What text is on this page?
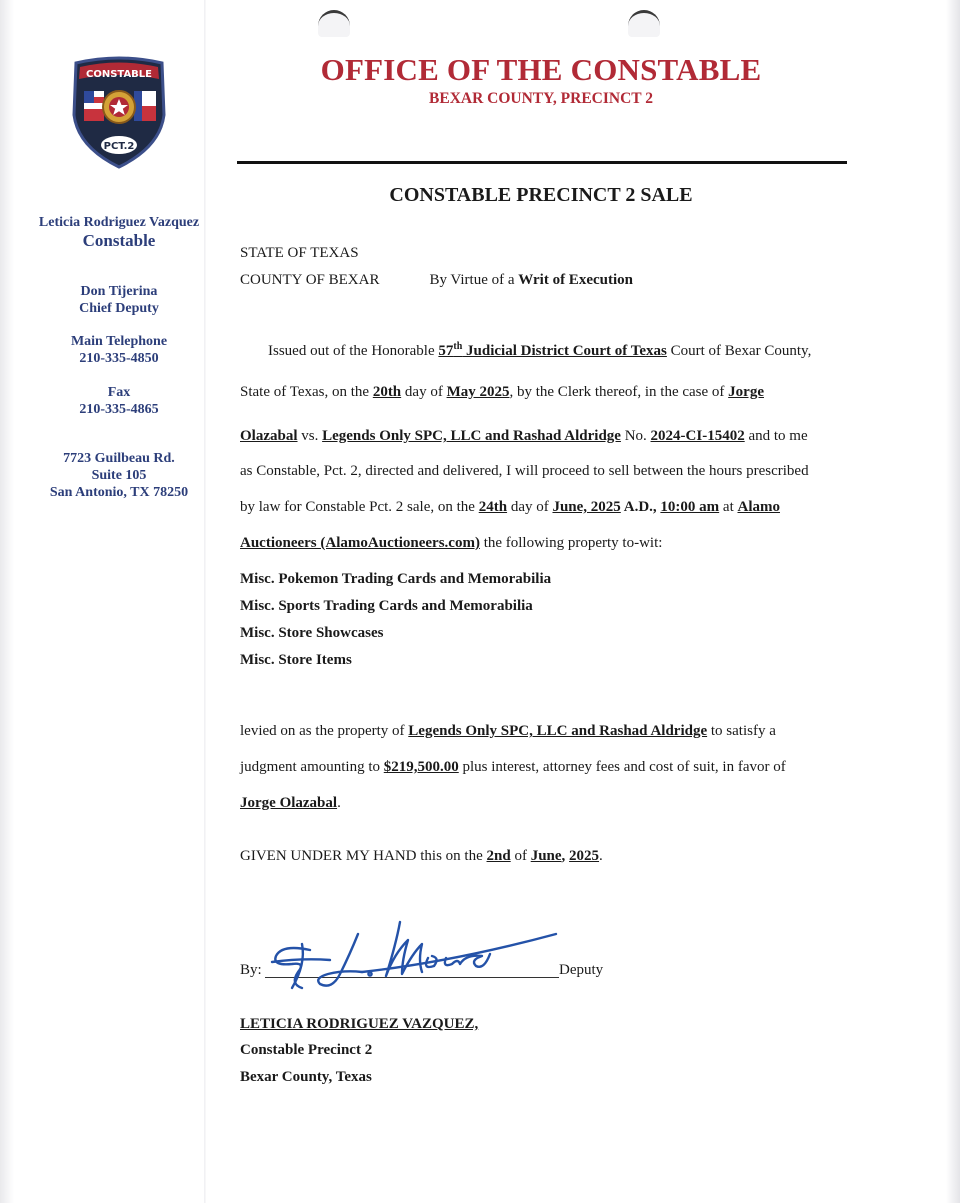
CONSTABLE
PCT.2
Leticia Rodriguez Vazquez
Constable
Don Tijerina
Chief Deputy
Main Telephone
210-335-4850
Fax
210-335-4865
7723 Guilbeau Rd.
Suite 105
San Antonio, TX 78250
OFFICE OF THE CONSTABLE
BEXAR COUNTY, PRECINCT 2
CONSTABLE PRECINCT 2 SALE
STATE OF TEXAS
COUNTY OF BEXAR	By Virtue of a Writ of Execution
Issued out of the Honorable 57th Judicial District Court of Texas Court of Bexar County,
State of Texas, on the 20th day of May 2025, by the Clerk thereof, in the case of Jorge
Olazabal vs. Legends Only SPC, LLC and Rashad Aldridge No. 2024-CI-15402 and to me
as Constable, Pct. 2, directed and delivered, I will proceed to sell between the hours prescribed
by law for Constable Pct. 2 sale, on the 24th day of June, 2025 A.D., 10:00 am at Alamo
Auctioneers (AlamoAuctioneers.com) the following property to-wit:
Misc. Pokemon Trading Cards and Memorabilia
Misc. Sports Trading Cards and Memorabilia
Misc. Store Showcases
Misc. Store Items
levied on as the property of Legends Only SPC, LLC and Rashad Aldridge to satisfy a
judgment amounting to $219,500.00 plus interest, attorney fees and cost of suit, in favor of
Jorge Olazabal.
GIVEN UNDER MY HAND this on the 2nd of June, 2025.
By:	Deputy
LETICIA RODRIGUEZ VAZQUEZ,
Constable Precinct 2
Bexar County, Texas
